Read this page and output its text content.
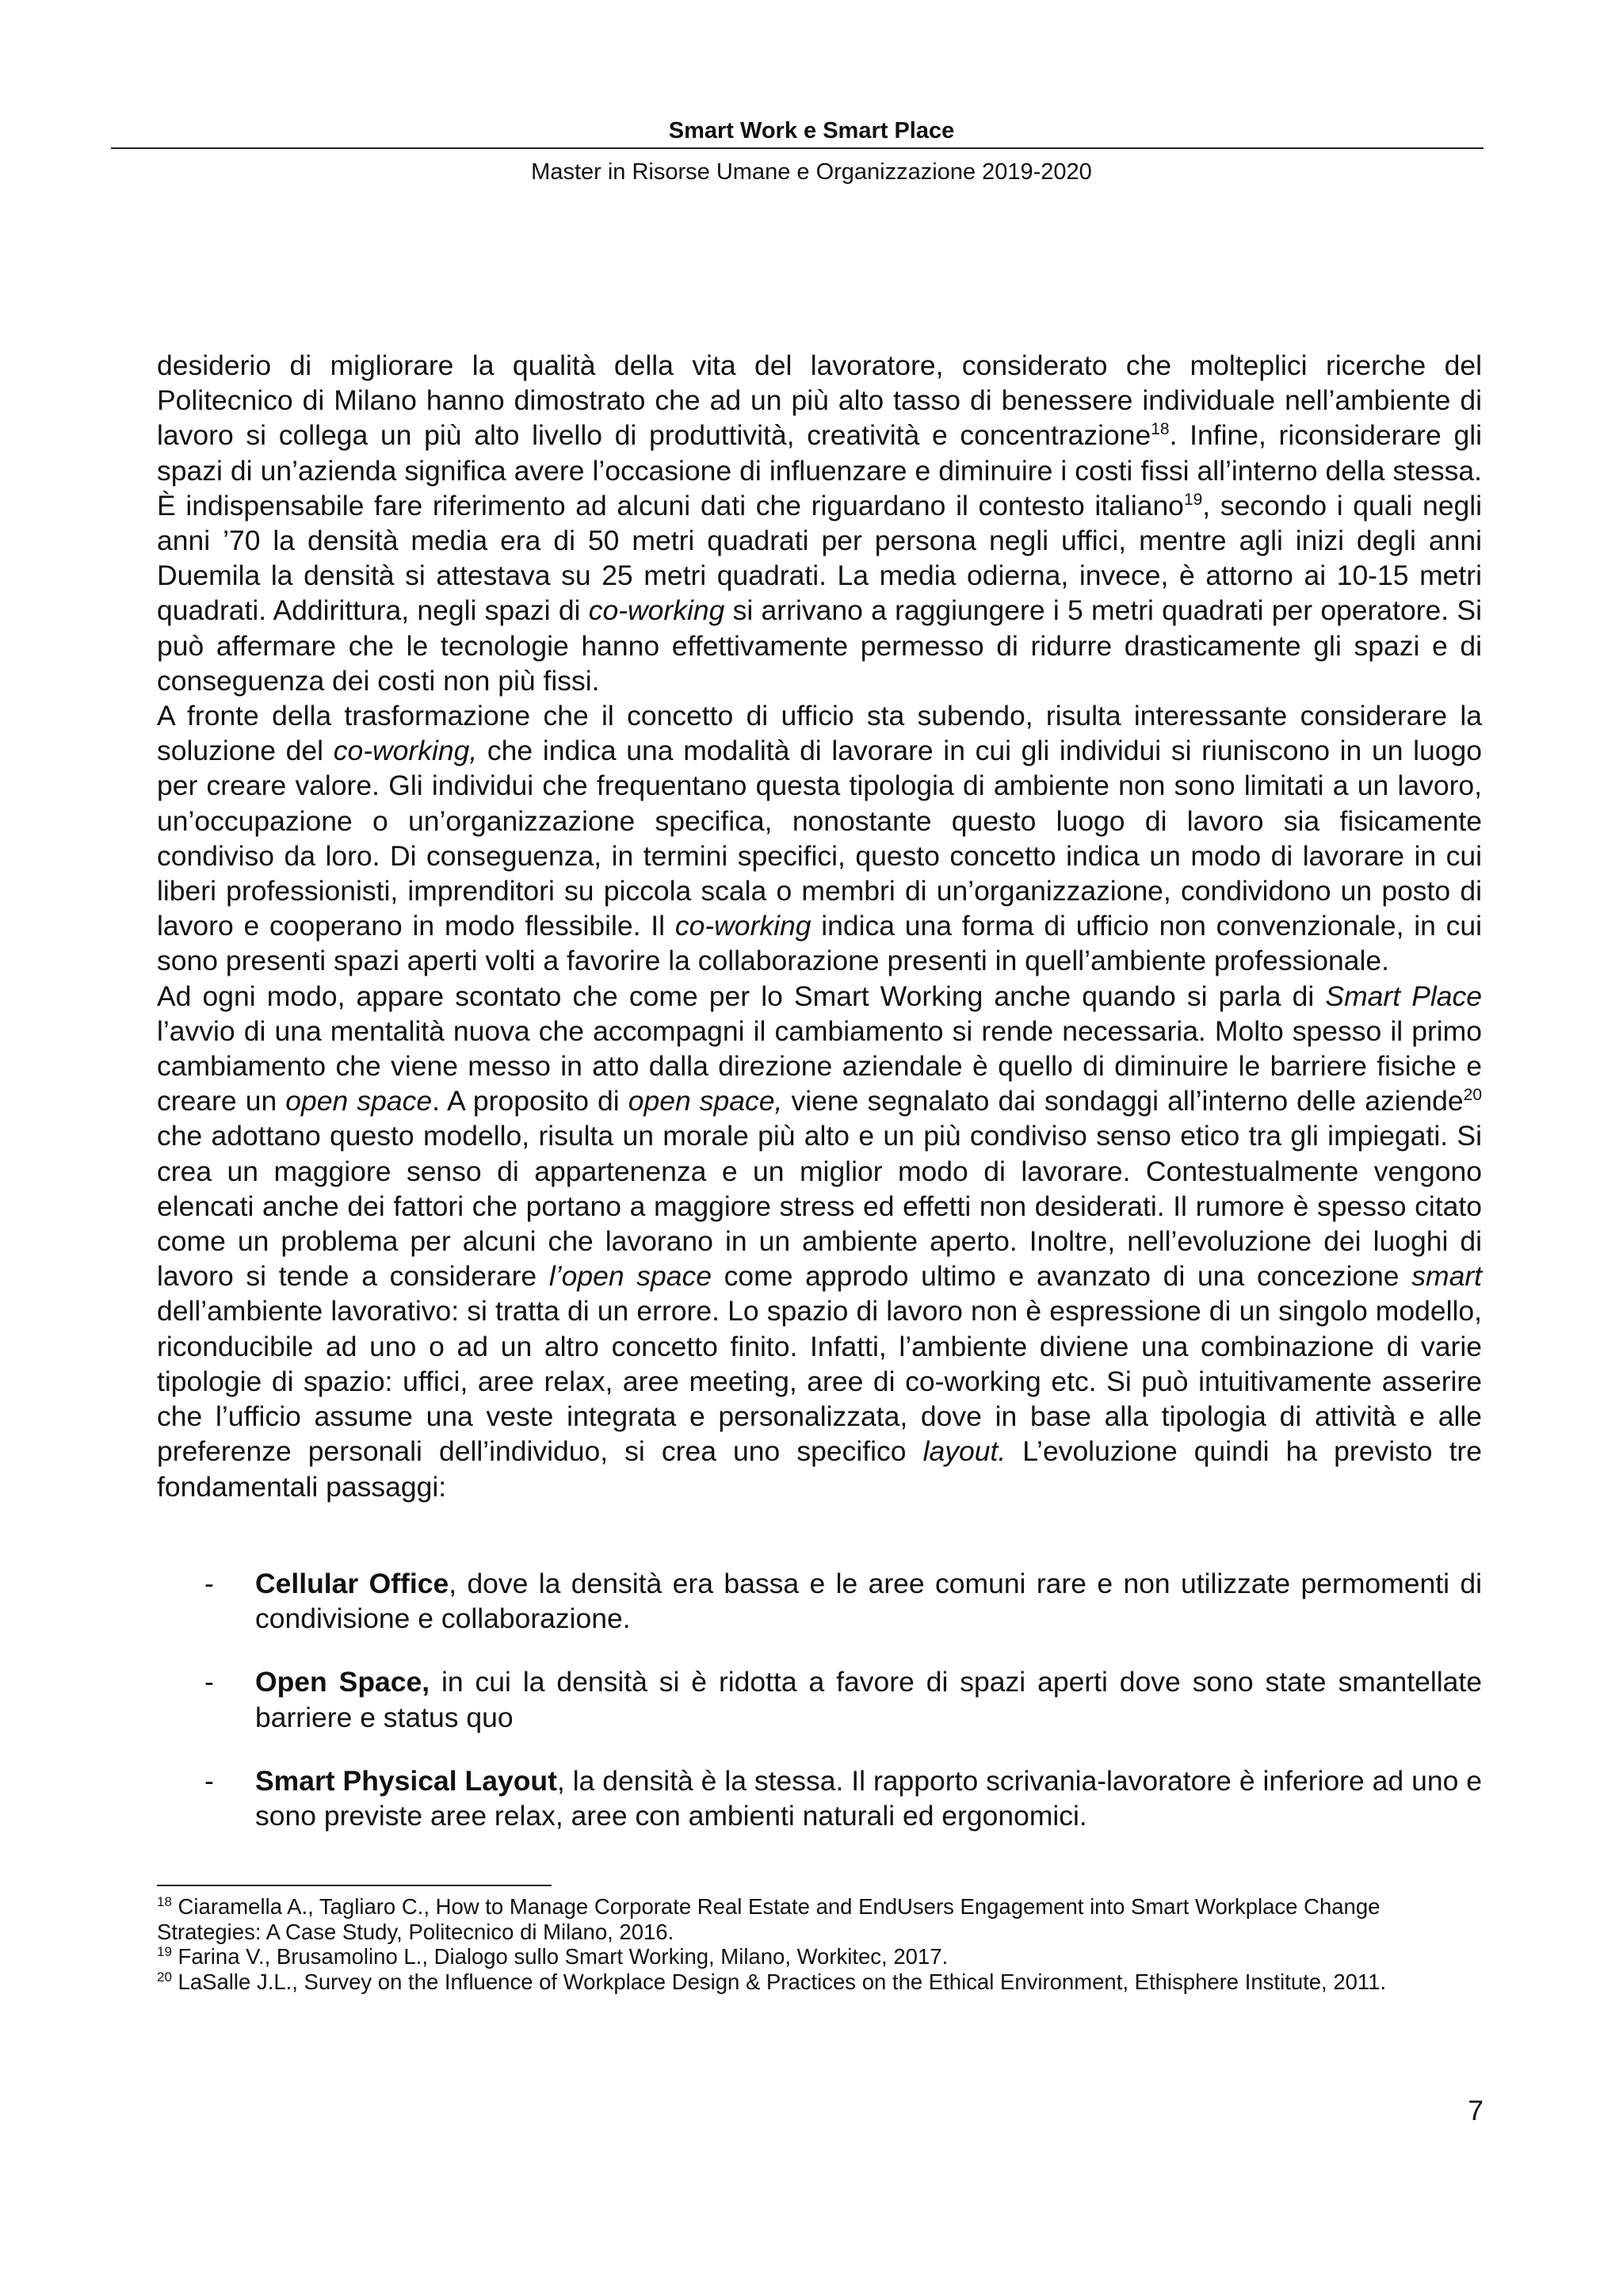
Smart Work e Smart Place
Master in Risorse Umane e Organizzazione 2019-2020

desiderio di migliorare la qualità della vita del lavoratore, considerato che molteplici ricerche del Politecnico di Milano hanno dimostrato che ad un più alto tasso di benessere individuale nell’ambiente di lavoro si collega un più alto livello di produttività, creatività e concentrazione$^{18}$. Infine, riconsiderare gli spazi di un’azienda significa avere l’occasione di influenzare e diminuire i costi fissi all’interno della stessa. È indispensabile fare riferimento ad alcuni dati che riguardano il contesto italiano$^{19}$, secondo i quali negli anni ’70 la densità media era di 50 metri quadrati per persona negli uffici, mentre agli inizi degli anni Duemila la densità si attestava su 25 metri quadrati. La media odierna, invece, è attorno ai 10-15 metri quadrati. Addirittura, negli spazi di co-working si arrivano a raggiungere i 5 metri quadrati per operatore. Si può affermare che le tecnologie hanno effettivamente permesso di ridurre drasticamente gli spazi e di conseguenza dei costi non più fissi.

A fronte della trasformazione che il concetto di ufficio sta subendo, risulta interessante considerare la soluzione del co-working, che indica una modalità di lavorare in cui gli individui si riuniscono in un luogo per creare valore. Gli individui che frequentano questa tipologia di ambiente non sono limitati a un lavoro, un’occupazione o un’organizzazione specifica, nonostante questo luogo di lavoro sia fisicamente condiviso da loro. Di conseguenza, in termini specifici, questo concetto indica un modo di lavorare in cui liberi professionisti, imprenditori su piccola scala o membri di un’organizzazione, condividono un posto di lavoro e cooperano in modo flessibile. Il co-working indica una forma di ufficio non convenzionale, in cui sono presenti spazi aperti volti a favorire la collaborazione presenti in quell’ambiente professionale.

Ad ogni modo, appare scontato che come per lo Smart Working anche quando si parla di Smart Place l’avvio di una mentalità nuova che accompagni il cambiamento si rende necessaria. Molto spesso il primo cambiamento che viene messo in atto dalla direzione aziendale è quello di diminuire le barriere fisiche e creare un open space. A proposito di open space, viene segnalato dai sondaggi all’interno delle aziende$^{20}$ che adottano questo modello, risulta un morale più alto e un più condiviso senso etico tra gli impiegati. Si crea un maggiore senso di appartenenza e un miglior modo di lavorare. Contestualmente vengono elencati anche dei fattori che portano a maggiore stress ed effetti non desiderati. Il rumore è spesso citato come un problema per alcuni che lavorano in un ambiente aperto. Inoltre, nell’evoluzione dei luoghi di lavoro si tende a considerare l’open space come approdo ultimo e avanzato di una concezione smart dell’ambiente lavorativo: si tratta di un errore. Lo spazio di lavoro non è espressione di un singolo modello, riconducibile ad uno o ad un altro concetto finito. Infatti, l’ambiente diviene una combinazione di varie tipologie di spazio: uffici, aree relax, aree meeting, aree di co-working etc. Si può intuitivamente asserire che l’ufficio assume una veste integrata e personalizzata, dove in base alla tipologia di attività e alle preferenze personali dell’individuo, si crea uno specifico layout. L’evoluzione quindi ha previsto tre fondamentali passaggi:

-	Cellular Office, dove la densità era bassa e le aree comuni rare e non utilizzate permomenti di condivisione e collaborazione.
-	Open Space, in cui la densità si è ridotta a favore di spazi aperti dove sono state smantellate barriere e status quo
-	Smart Physical Layout, la densità è la stessa. Il rapporto scrivania-lavoratore è inferiore ad uno e sono previste aree relax, aree con ambienti naturali ed ergonomici.

$^{18}$ Ciaramella A., Tagliaro C., How to Manage Corporate Real Estate and EndUsers Engagement into Smart Workplace Change Strategies: A Case Study, Politecnico di Milano, 2016.

$^{19}$ Farina V., Brusamolino L., Dialogo sullo Smart Working, Milano, Workitec, 2017.

$^{20}$ LaSalle J.L., Survey on the Influence of Workplace Design & Practices on the Ethical Environment, Ethisphere Institute, 2011.

7
